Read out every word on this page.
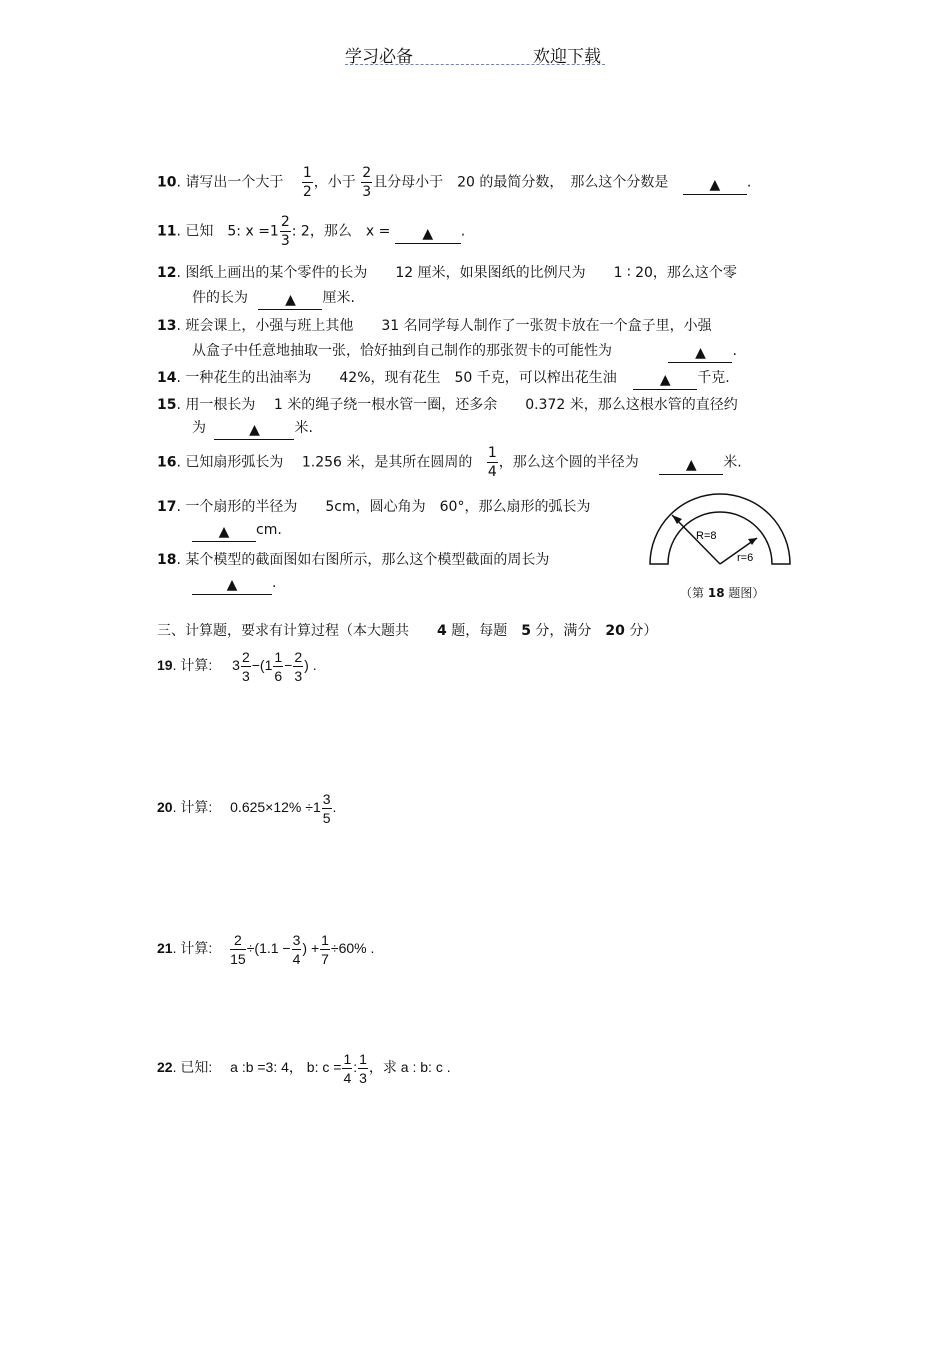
学习必备	欢迎下载
10. 请写出一个大于 $\frac{1}{2}$ ，小于 $\frac{2}{3}$ 且分母小于　20 的最简分数，　那么这个分数是	▲ .
11. 已知　5: $x =1 \frac{2}{3}$ : 2，那么　x = ▲ .
12. 图纸上画出的某个零件的长为　　12 厘米，如果图纸的比例尺为　　1 ∶ 20，那么这个零
件的长为	▲ 厘米.
13. 班会课上，小强与班上其他　　31 名同学每人制作了一张贺卡放在一个盒子里，小强
从盒子中任意地抽取一张，恰好抽到自己制作的那张贺卡的可能性为	▲ .
14. 一种花生的出油率为　　42%，现有花生　50 千克，可以榨出花生油	▲ 千克.
15. 用一根长为　 1 米的绳子绕一根水管一圈，还多余　　0.372 米，那么这根水管的直径约
为	▲ 米.
16. 已知扇形弧长为　 1.256 米，是其所在圆周的 $\frac{1}{4}$ ，那么这个圆的半径为	▲ 米.
17. 一个扇形的半径为　　5cm，圆心角为　60°，那么扇形的弧长为
▲ cm.
18. 某个模型的截面图如右图所示，那么这个模型截面的周长为
▲ .
R=8
r=6
（第 18 题图）
三、计算题，要求有计算过程（本大题共　　 4 题，每题　 5 分，满分　 20 分）
19. 计算: $3 \frac{2}{3} -(1 \frac{1}{6} - \frac{2}{3}$ ) .
20. 计算: $0.625\times 12\% \div 1 \frac{3}{5}$ .
21. 计算: $\frac{2}{15} \div(1.1 - \frac{3}{4}$ ) + $\frac{1}{7} \div 60\%$ .
22. 已知: a :b =3: 4， b: $c = \frac{1}{4}$ : $\frac{1}{3}$ ，求 a : b: c .
